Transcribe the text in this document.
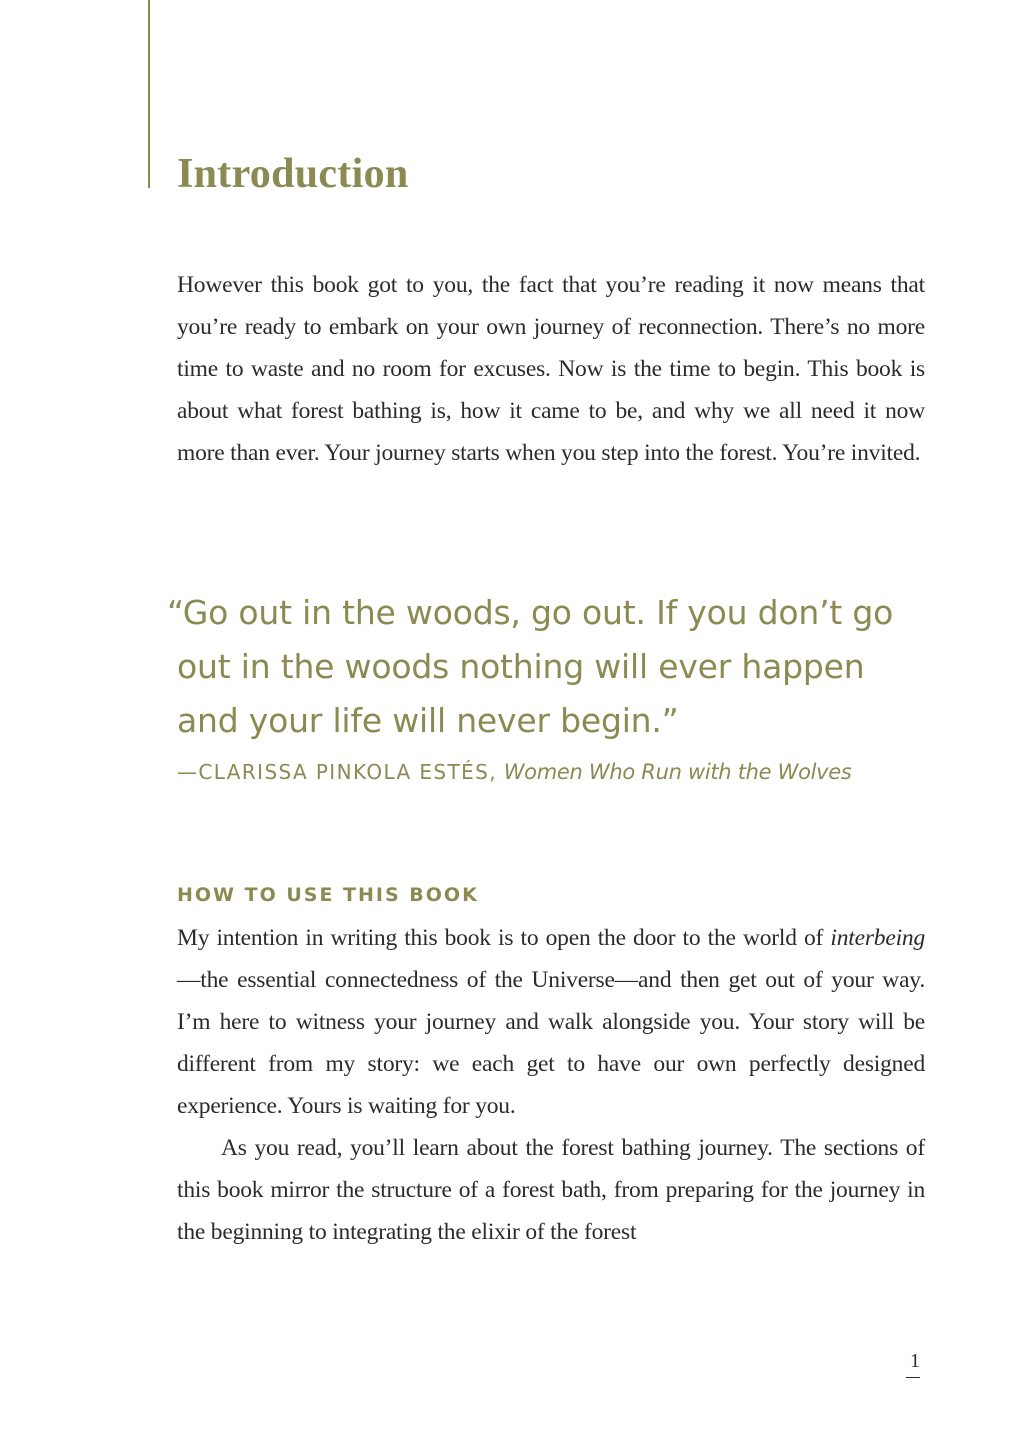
Introduction

However this book got to you, the fact that you’re reading it now means that you’re ready to embark on your own journey of reconnection. There’s no more time to waste and no room for excuses. Now is the time to begin. This book is about what forest bathing is, how it came to be, and why we all need it now more than ever. Your journey starts when you step into the forest. You’re invited.

“Go out in the woods, go out. If you don’t go out in the woods nothing will ever happen and your life will never begin.”

—CLARISSA PINKOLA ESTÉS, Women Who Run with the Wolves

HOW TO USE THIS BOOK

My intention in writing this book is to open the door to the world of interbeing—the essential connectedness of the Universe—and then get out of your way. I’m here to witness your journey and walk alongside you. Your story will be different from my story: we each get to have our own perfectly designed experience. Yours is waiting for you.

As you read, you’ll learn about the forest bathing journey. The sections of this book mirror the structure of a forest bath, from preparing for the journey in the beginning to integrating the elixir of the forest

1
